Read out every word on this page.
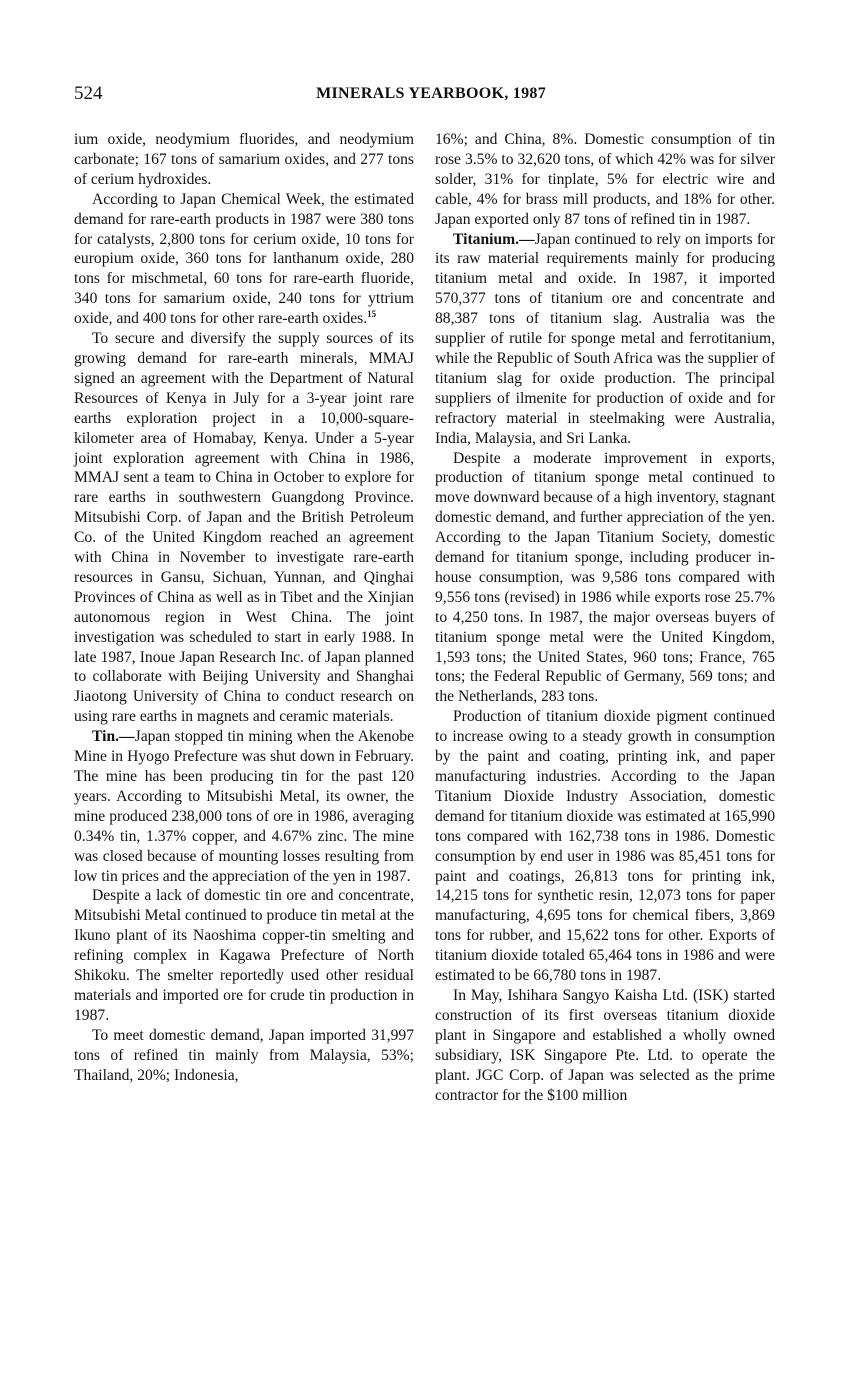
524	MINERALS YEARBOOK, 1987

ium oxide, neodymium fluorides, and neodymium carbonate; 167 tons of samarium oxides, and 277 tons of cerium hydroxides.

According to Japan Chemical Week, the estimated demand for rare-earth products in 1987 were 380 tons for catalysts, 2,800 tons for cerium oxide, 10 tons for europium oxide, 360 tons for lanthanum oxide, 280 tons for mischmetal, 60 tons for rare-earth fluoride, 340 tons for samarium oxide, 240 tons for yttrium oxide, and 400 tons for other rare-earth oxides.$^{15}$

To secure and diversify the supply sources of its growing demand for rare-earth minerals, MMAJ signed an agreement with the Department of Natural Resources of Kenya in July for a 3-year joint rare earths exploration project in a 10,000-square-kilometer area of Homabay, Kenya. Under a 5-year joint exploration agreement with China in 1986, MMAJ sent a team to China in October to explore for rare earths in southwestern Guangdong Province. Mitsubishi Corp. of Japan and the British Petroleum Co. of the United Kingdom reached an agreement with China in November to investigate rare-earth resources in Gansu, Sichuan, Yunnan, and Qinghai Provinces of China as well as in Tibet and the Xinjian autonomous region in West China. The joint investigation was scheduled to start in early 1988. In late 1987, Inoue Japan Research Inc. of Japan planned to collaborate with Beijing University and Shanghai Jiaotong University of China to conduct research on using rare earths in magnets and ceramic materials.

Tin.—Japan stopped tin mining when the Akenobe Mine in Hyogo Prefecture was shut down in February. The mine has been producing tin for the past 120 years. According to Mitsubishi Metal, its owner, the mine produced 238,000 tons of ore in 1986, averaging 0.34% tin, 1.37% copper, and 4.67% zinc. The mine was closed because of mounting losses resulting from low tin prices and the appreciation of the yen in 1987.

Despite a lack of domestic tin ore and concentrate, Mitsubishi Metal continued to produce tin metal at the Ikuno plant of its Naoshima copper-tin smelting and refining complex in Kagawa Prefecture of North Shikoku. The smelter reportedly used other residual materials and imported ore for crude tin production in 1987.

To meet domestic demand, Japan imported 31,997 tons of refined tin mainly from Malaysia, 53%; Thailand, 20%; Indonesia,

16%; and China, 8%. Domestic consumption of tin rose 3.5% to 32,620 tons, of which 42% was for silver solder, 31% for tinplate, 5% for electric wire and cable, 4% for brass mill products, and 18% for other. Japan exported only 87 tons of refined tin in 1987.

Titanium.—Japan continued to rely on imports for its raw material requirements mainly for producing titanium metal and oxide. In 1987, it imported 570,377 tons of titanium ore and concentrate and 88,387 tons of titanium slag. Australia was the supplier of rutile for sponge metal and ferrotitanium, while the Republic of South Africa was the supplier of titanium slag for oxide production. The principal suppliers of ilmenite for production of oxide and for refractory material in steelmaking were Australia, India, Malaysia, and Sri Lanka.

Despite a moderate improvement in exports, production of titanium sponge metal continued to move downward because of a high inventory, stagnant domestic demand, and further appreciation of the yen. According to the Japan Titanium Society, domestic demand for titanium sponge, including producer in-house consumption, was 9,586 tons compared with 9,556 tons (revised) in 1986 while exports rose 25.7% to 4,250 tons. In 1987, the major overseas buyers of titanium sponge metal were the United Kingdom, 1,593 tons; the United States, 960 tons; France, 765 tons; the Federal Republic of Germany, 569 tons; and the Netherlands, 283 tons.

Production of titanium dioxide pigment continued to increase owing to a steady growth in consumption by the paint and coating, printing ink, and paper manufacturing industries. According to the Japan Titanium Dioxide Industry Association, domestic demand for titanium dioxide was estimated at 165,990 tons compared with 162,738 tons in 1986. Domestic consumption by end user in 1986 was 85,451 tons for paint and coatings, 26,813 tons for printing ink, 14,215 tons for synthetic resin, 12,073 tons for paper manufacturing, 4,695 tons for chemical fibers, 3,869 tons for rubber, and 15,622 tons for other. Exports of titanium dioxide totaled 65,464 tons in 1986 and were estimated to be 66,780 tons in 1987.

In May, Ishihara Sangyo Kaisha Ltd. (ISK) started construction of its first overseas titanium dioxide plant in Singapore and established a wholly owned subsidiary, ISK Singapore Pte. Ltd. to operate the plant. JGC Corp. of Japan was selected as the prime contractor for the $100 million
